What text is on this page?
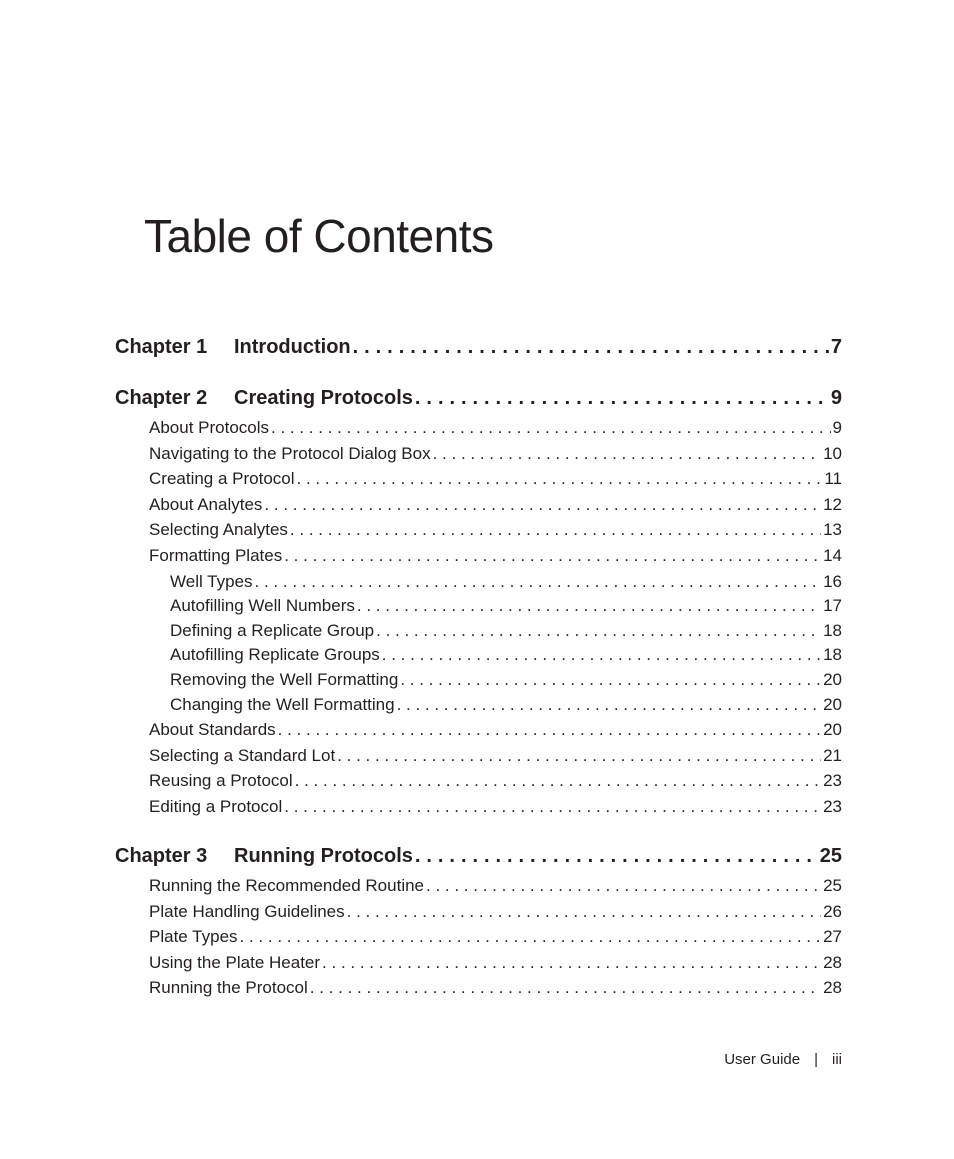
Table of Contents
Chapter 1	Introduction . . .	7
Chapter 2	Creating Protocols . . .	9
About Protocols . . .	9
Navigating to the Protocol Dialog Box . . .	10
Creating a Protocol . . .	11
About Analytes . . .	12
Selecting Analytes . . .	13
Formatting Plates . . .	14
Well Types . . .	16
Autofilling Well Numbers . . .	17
Defining a Replicate Group . . .	18
Autofilling Replicate Groups . . .	18
Removing the Well Formatting . . .	20
Changing the Well Formatting . . .	20
About Standards . . .	20
Selecting a Standard Lot . . .	21
Reusing a Protocol . . .	23
Editing a Protocol . . .	23
Chapter 3	Running Protocols . . .	25
Running the Recommended Routine . . .	25
Plate Handling Guidelines . . .	26
Plate Types . . .	27
Using the Plate Heater . . .	28
Running the Protocol . . .	28
User Guide | iii
